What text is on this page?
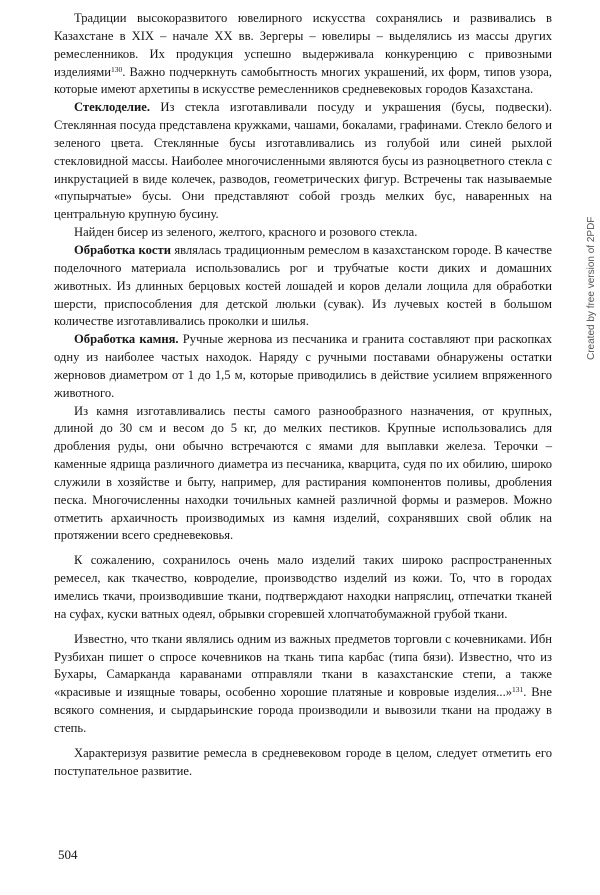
Традиции высокоразвитого ювелирного искусства сохранялись и развивались в Казахстане в XIX – начале XX вв. Зергеры – ювелиры – выделялись из массы других ремесленников. Их продукция успешно выдерживала конкуренцию с привозными изделиями$^{130}$. Важно подчеркнуть самобытность многих украшений, их форм, типов узора, которые имеют архетипы в искусстве ремесленников средневековых городов Казахстана.

Стеклоделие. Из стекла изготавливали посуду и украшения (бусы, подвески). Стеклянная посуда представлена кружками, чашами, бокалами, графинами. Стекло белого и зеленого цвета. Стеклянные бусы изготавливались из голубой или синей рыхлой стекловидной массы. Наиболее многочисленными являются бусы из разноцветного стекла с инкрустацией в виде колечек, разводов, геометрических фигур. Встречены так называемые «пупырчатые» бусы. Они представляют собой гроздь мелких бус, наваренных на центральную крупную бусину.

Найден бисер из зеленого, желтого, красного и розового стекла.

Обработка кости являлась традиционным ремеслом в казахстанском городе. В качестве поделочного материала использовались рог и трубчатые кости диких и домашних животных. Из длинных берцовых костей лошадей и коров делали лощила для обработки шерсти, приспособления для детской люльки (сувак). Из лучевых костей в большом количестве изготавливались проколки и шилья.

Обработка камня. Ручные жернова из песчаника и гранита составляют при раскопках одну из наиболее частых находок. Наряду с ручными поставами обнаружены остатки жерновов диаметром от 1 до 1,5 м, которые приводились в действие усилием впряженного животного.

Из камня изготавливались песты самого разнообразного назначения, от крупных, длиной до 30 см и весом до 5 кг, до мелких пестиков. Крупные использовались для дробления руды, они обычно встречаются с ямами для выплавки железа. Терочки – каменные ядрища различного диаметра из песчаника, кварцита, судя по их обилию, широко служили в хозяйстве и быту, например, для растирания компонентов поливы, дробления песка. Многочисленны находки точильных камней различной формы и размеров. Можно отметить архаичность производимых из камня изделий, сохранявших свой облик на протяжении всего средневековья.

К сожалению, сохранилось очень мало изделий таких широко распространенных ремесел, как ткачество, ковроделие, производство изделий из кожи. То, что в городах имелись ткачи, производившие ткани, подтверждают находки напряслиц, отпечатки тканей на суфах, куски ватных одеял, обрывки сгоревшей хлопчатобумажной грубой ткани.

Известно, что ткани являлись одним из важных предметов торговли с кочевниками. Ибн Рузбихан пишет о спросе кочевников на ткань типа карбас (типа бязи). Известно, что из Бухары, Самарканда караванами отправляли ткани в казахстанские степи, а также «красивые и изящные товары, особенно хорошие платяные и ковровые изделия...»$^{131}$. Вне всякого сомнения, и сырдарьинские города производили и вывозили ткани на продажу в степь.

Характеризуя развитие ремесла в средневековом городе в целом, следует отметить его поступательное развитие.

504
Created by free version of 2PDF
